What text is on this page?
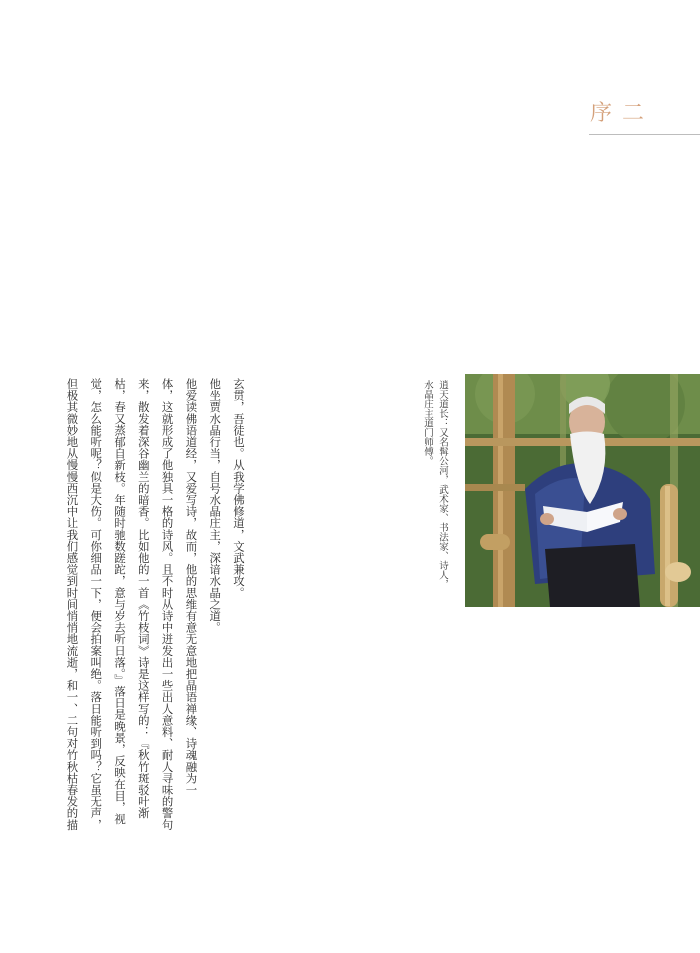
序二
逍天道长：又名髯公河，武术家、书法家、诗人，
水晶庄主道门师傅。

玄贯，吾徒也。从我学佛修道，文武兼攻。

他坐贾水晶行当，自号水晶庄主，深谙水晶之道。

他爱读佛语道经，又爱写诗，故而，他的思维有意无意地把晶语禅缘、诗魂融为一

体，这就形成了他独具一格的诗风。且不时从诗中迸发出一些出人意料、耐人寻味的警句

来，散发着深谷幽兰的暗香。比如他的一首《竹枝词》诗是这样写的：『秋竹斑驳叶渐

枯，春又蒸郁自新枝。年随时驰数蹉跎，意与岁去听日落。』落日是晚景，反映在目，视

觉，怎么能听呢？似是大伤。可你细品一下，便会拍案叫绝。落日能听到吗？它虽无声，

但极其微妙地从慢慢西沉中让我们感觉到时间悄悄地流逝，和一、二句对竹秋枯春发的描
